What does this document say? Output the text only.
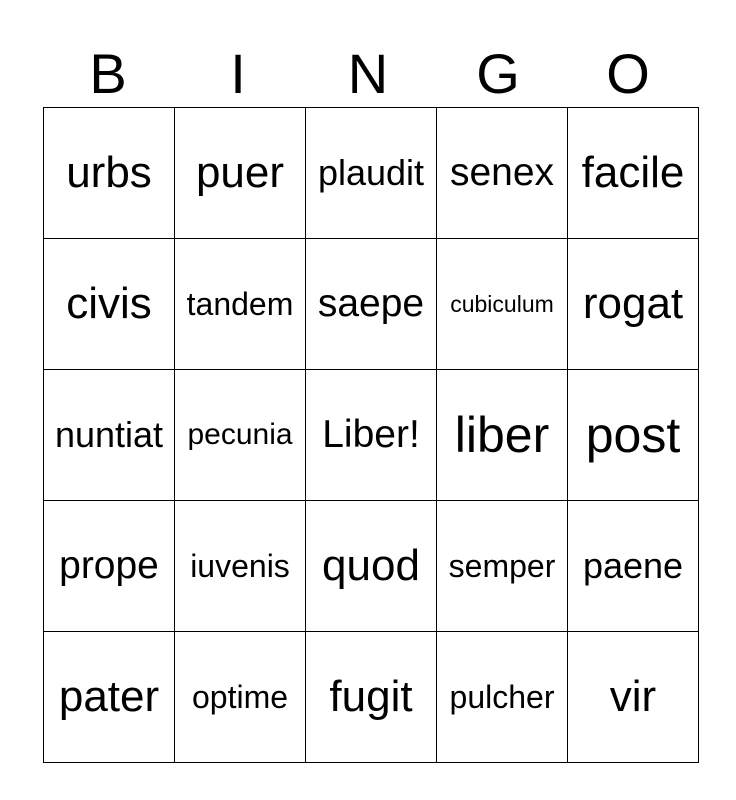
B	I	N	G	O
urbs	puer	plaudit	senex	facile
civis	tandem	saepe	cubiculum	rogat
nuntiat	pecunia	Liber!	liber	post
prope	iuvenis	quod	semper	paene
pater	optime	fugit	pulcher	vir
